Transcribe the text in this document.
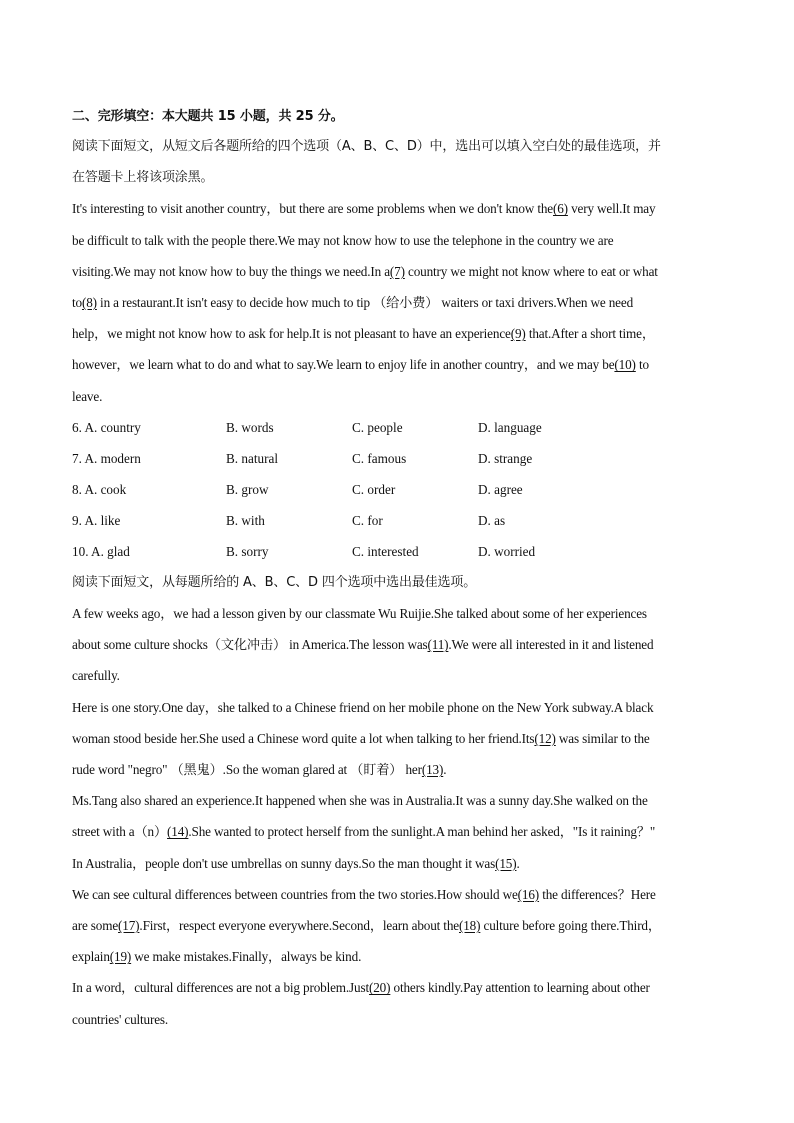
二、完形填空：本大题共 15 小题，共 25 分。
阅读下面短文，从短文后各题所给的四个选项（A、B、C、D）中，选出可以填入空白处的最佳选项，并
在答题卡上将该项涂黑。
It's interesting to visit another country，but there are some problems when we don't know the(6) very well.It may
be difficult to talk with the people there.We may not know how to use the telephone in the country we are
visiting.We may not know how to buy the things we need.In a(7) country we might not know where to eat or what
to(8) in a restaurant.It isn't easy to decide how much to tip （给小费） waiters or taxi drivers.When we need
help，we might not know how to ask for help.It is not pleasant to have an experience(9) that.After a short time，
however，we learn what to do and what to say.We learn to enjoy life in another country，and we may be(10) to
leave.
6. A. country	B. words	C. people	D. language
7. A. modern	B. natural	C. famous	D. strange
8. A. cook	B. grow	C. order	D. agree
9. A. like	B. with	C. for	D. as
10. A. glad	B. sorry	C. interested	D. worried
阅读下面短文，从每题所给的 A、B、C、D 四个选项中选出最佳选项。
A few weeks ago，we had a lesson given by our classmate Wu Ruijie.She talked about some of her experiences
about some culture shocks（文化冲击） in America.The lesson was(11).We were all interested in it and listened
carefully.
Here is one story.One day，she talked to a Chinese friend on her mobile phone on the New York subway.A black
woman stood beside her.She used a Chinese word quite a lot when talking to her friend.Its(12) was similar to the
rude word "negro" （黑鬼）.So the woman glared at （盯着） her(13).
Ms.Tang also shared an experience.It happened when she was in Australia.It was a sunny day.She walked on the
street with a（n）(14).She wanted to protect herself from the sunlight.A man behind her asked，"Is it raining？"
In Australia，people don't use umbrellas on sunny days.So the man thought it was(15).
We can see cultural differences between countries from the two stories.How should we(16) the differences？Here
are some(17).First，respect everyone everywhere.Second，learn about the(18) culture before going there.Third，
explain(19) we make mistakes.Finally，always be kind.
In a word，cultural differences are not a big problem.Just(20) others kindly.Pay attention to learning about other
countries' cultures.
